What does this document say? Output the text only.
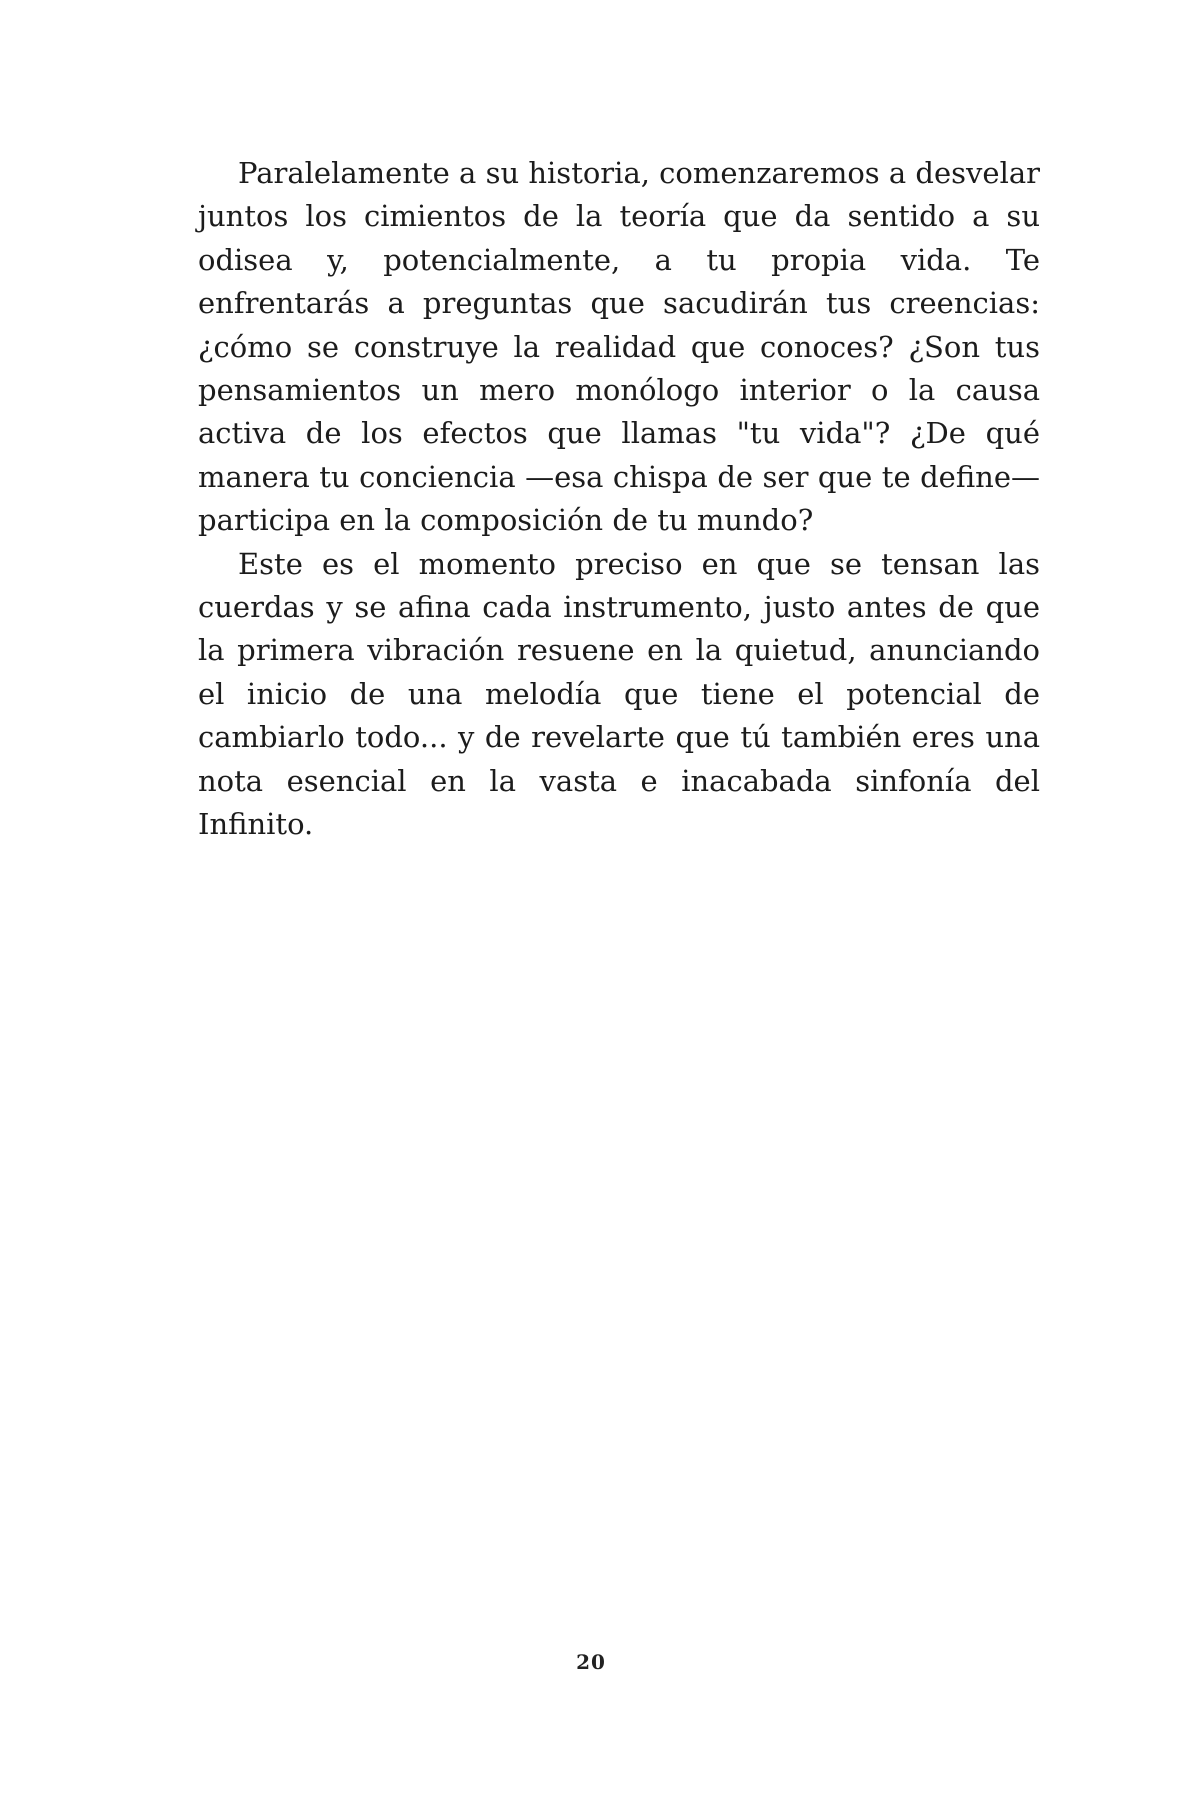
Paralelamente a su historia, comenzaremos a desvelar juntos los cimientos de la teoría que da sentido a su odisea y, potencialmente, a tu propia vida. Te enfrentarás a preguntas que sacudirán tus creencias: ¿cómo se construye la realidad que conoces? ¿Son tus pensamientos un mero monólogo interior o la causa activa de los efectos que llamas "tu vida"? ¿De qué manera tu conciencia —esa chispa de ser que te define— participa en la composición de tu mundo?

Este es el momento preciso en que se tensan las cuerdas y se afina cada instrumento, justo antes de que la primera vibración resuene en la quietud, anunciando el inicio de una melodía que tiene el potencial de cambiarlo todo... y de revelarte que tú también eres una nota esencial en la vasta e inacabada sinfonía del Infinito.

20
